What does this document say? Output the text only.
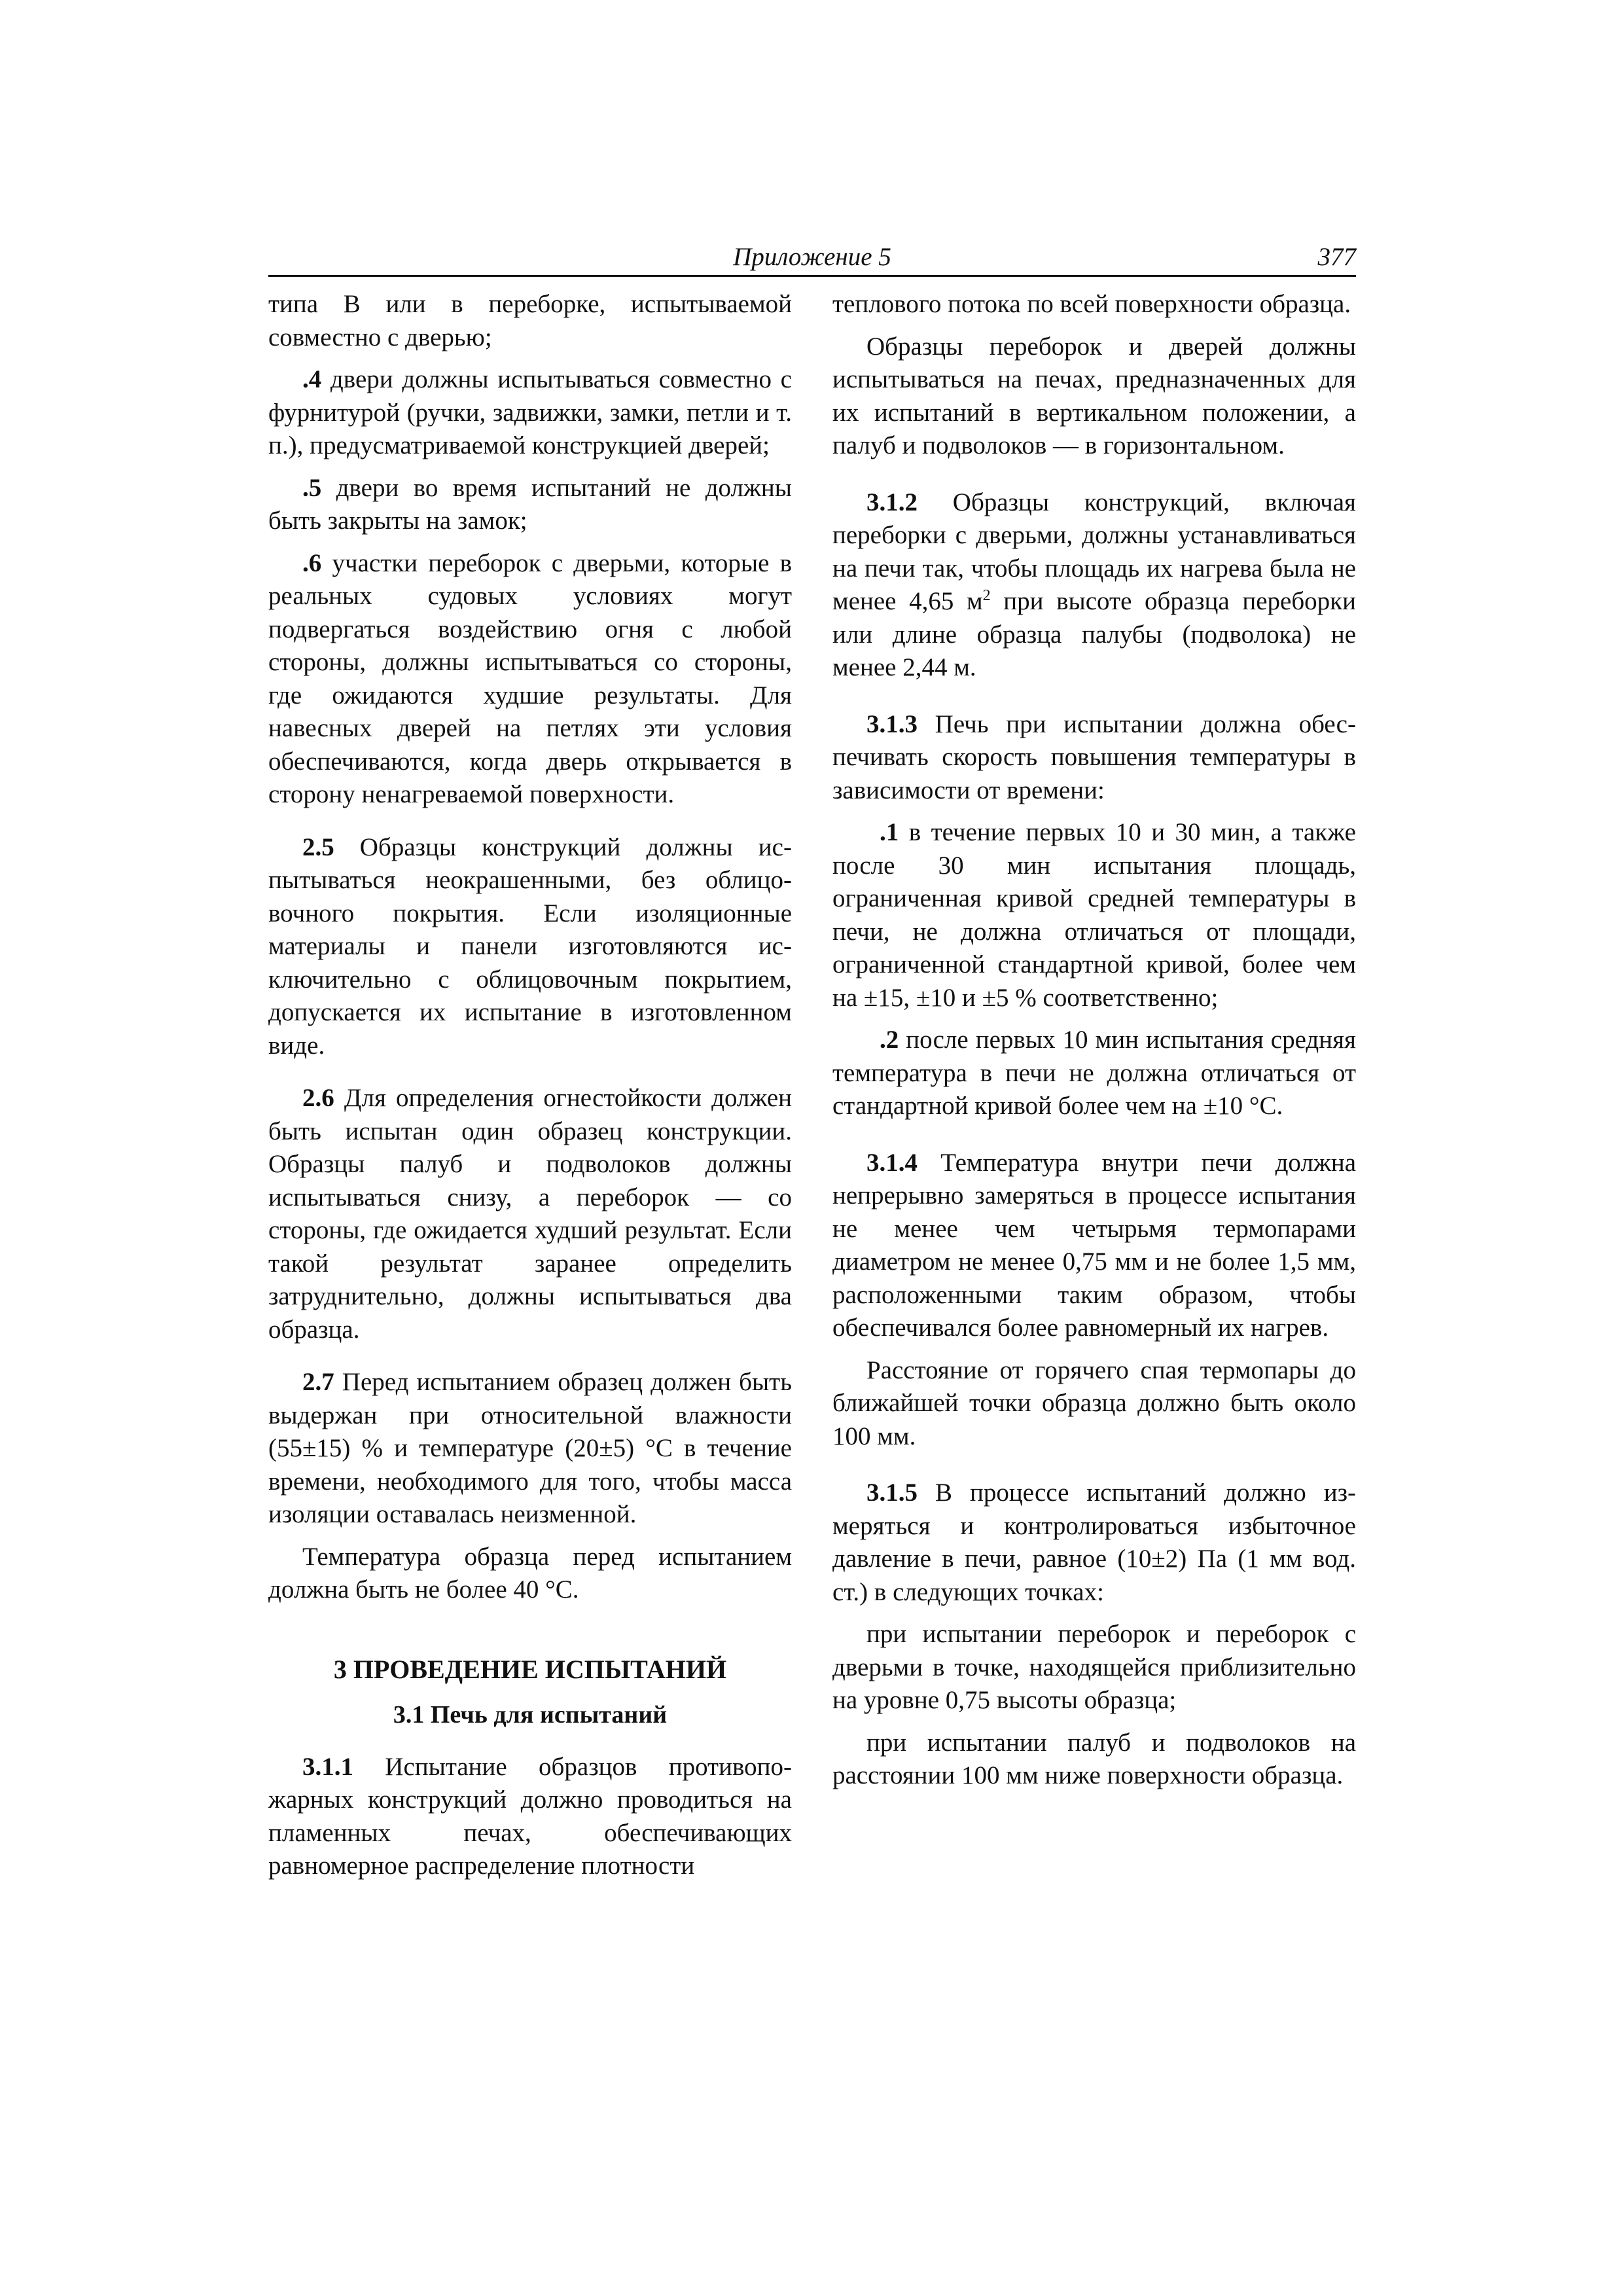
Приложение 5	377

типа В или в переборке, испытываемой совместно с дверью;

.4 двери должны испытываться совместно с фурнитурой (ручки, задвижки, замки, петли и т. п.), предусматриваемой конструкцией дверей;

.5 двери во время испытаний не должны быть закрыты на замок;

.6 участки переборок с дверьми, которые в реальных судовых условиях могут подвергаться воздействию огня с любой стороны, должны испытываться со стороны, где ожидаются худшие результаты. Для навесных дверей на петлях эти условия обеспечиваются, когда дверь открывается в сторону ненагреваемой поверхности.

2.5 Образцы конструкций должны испытываться неокрашенными, без облицовочного покрытия. Если изоляционные материалы и панели изготовляются исключительно с облицовочным покрытием, допускается их испытание в изготовленном виде.

2.6 Для определения огнестойкости должен быть испытан один образец конструкции. Образцы палуб и подволоков должны испытываться снизу, а переборок — со стороны, где ожидается худший результат. Если такой результат заранее определить затруднительно, должны испытываться два образца.

2.7 Перед испытанием образец должен быть выдержан при относительной влажности (55±15) % и температуре (20±5) °С в течение времени, необходимого для того, чтобы масса изоляции оставалась неизменной.

Температура образца перед испытанием должна быть не более 40 °С.

3 ПРОВЕДЕНИЕ ИСПЫТАНИЙ
3.1 Печь для испытаний

3.1.1 Испытание образцов противопожарных конструкций должно проводиться на пламенных печах, обеспечивающих равномерное распределение плотности

теплового потока по всей поверхности образца.

Образцы переборок и дверей должны испытываться на печах, предназначенных для их испытаний в вертикальном положении, а палуб и подволоков — в горизонтальном.

3.1.2 Образцы конструкций, включая переборки с дверьми, должны устанавливаться на печи так, чтобы площадь их нагрева была не менее 4,65 $м^2$ при высоте образца переборки или длине образца палубы (подволока) не менее 2,44 м.

3.1.3 Печь при испытании должна обеспечивать скорость повышения температуры в зависимости от времени:

.1 в течение первых 10 и 30 мин, а также после 30 мин испытания площадь, ограниченная кривой средней температуры в печи, не должна отличаться от площади, ограниченной стандартной кривой, более чем на ±15, ±10 и ±5 % соответственно;

.2 после первых 10 мин испытания средняя температура в печи не должна отличаться от стандартной кривой более чем на ±10 °С.

3.1.4 Температура внутри печи должна непрерывно замеряться в процессе испытания не менее чем четырьмя термопарами диаметром не менее 0,75 мм и не более 1,5 мм, расположенными таким образом, чтобы обеспечивался более равномерный их нагрев.

Расстояние от горячего спая термопары до ближайшей точки образца должно быть около 100 мм.

3.1.5 В процессе испытаний должно измеряться и контролироваться избыточное давление в печи, равное (10±2) Па (1 мм вод. ст.) в следующих точках:

при испытании переборок и переборок с дверьми в точке, находящейся приблизительно на уровне 0,75 высоты образца;

при испытании палуб и подволоков на расстоянии 100 мм ниже поверхности образца.
